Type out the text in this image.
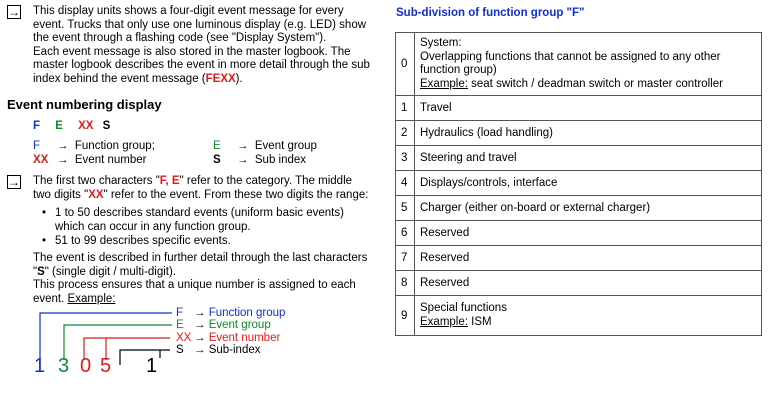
→ This display units shows a four-digit event message for every
event. Trucks that only use one luminous display (e.g. LED) show
the event through a flashing code (see "Display System").
Each event message is also stored in the master logbook. The
master logbook describes the event in more detail through the sub
index behind the event message (FEXX).
Event numbering display
F E XX S
F → Function group;	E → Event group
XX → Event number	S → Sub index
→ The first two characters "F, E" refer to the category. The middle
two digits "XX" refer to the event. From these two digits the range:
• 1 to 50 describes standard events (uniform basic events)
which can occur in any function group.
• 51 to 99 describes specific events.
The event is described in further detail through the last characters
"S" (single digit / multi-digit).
This process ensures that a unique number is assigned to each
event. Example:
F → Function group
E → Event group
XX → Event number
S → Sub-index
1 3 0 5 1
Sub-division of function group "F"
0	System:
Overlapping functions that cannot be assigned to any other
function group)
Example: seat switch / deadman switch or master controller

1	Travel
2	Hydraulics (load handling)
3	Steering and travel
4	Displays/controls, interface
5	Charger (either on-board or external charger)
6	Reserved
7	Reserved
8	Reserved
9	Special functions
Example: ISM
